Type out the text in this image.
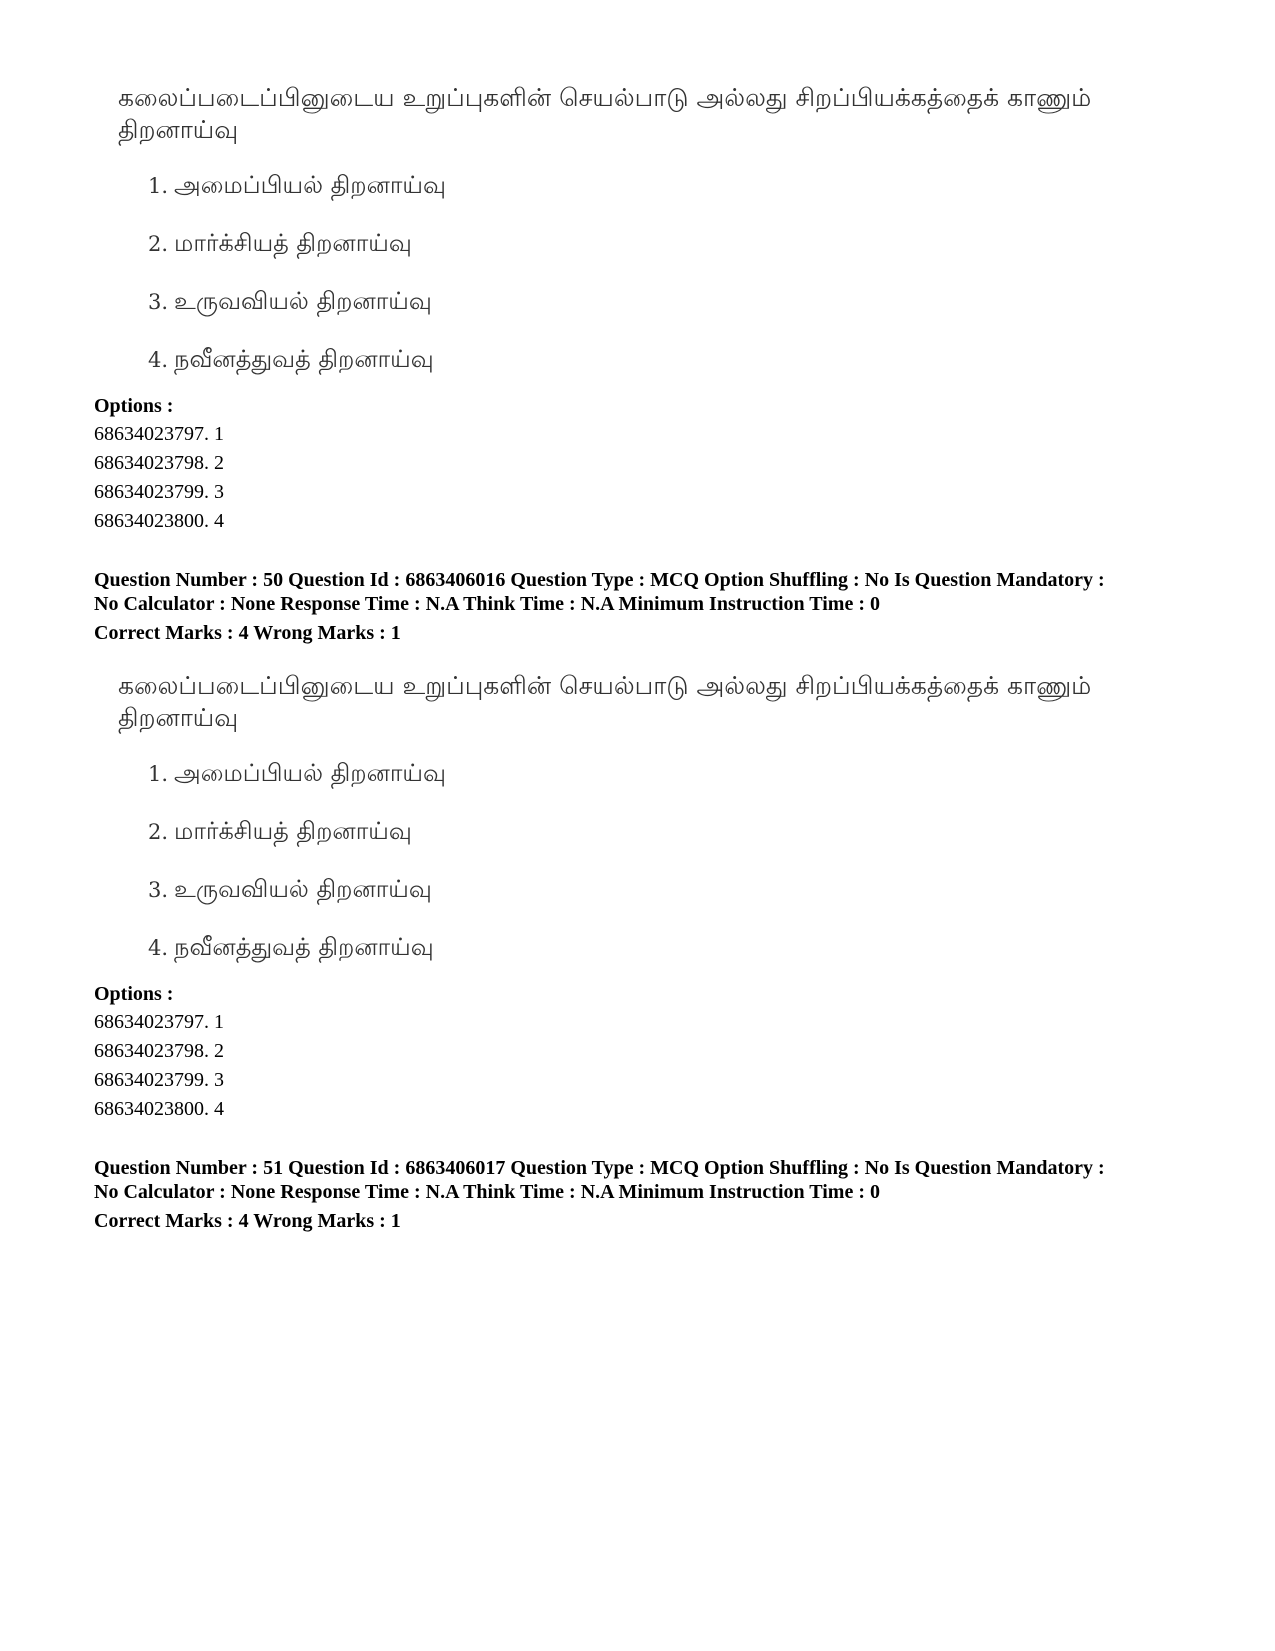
கலைப்படைப்பினுடைய உறுப்புகளின் செயல்பாடு அல்லது சிறப்பியக்கத்தைக் காணும் திறனாய்வு

1. அமைப்பியல் திறனாய்வு
2. மார்க்சியத் திறனாய்வு
3. உருவவியல் திறனாய்வு
4. நவீனத்துவத் திறனாய்வு

Options :

68634023797. 1

68634023798. 2

68634023799. 3

68634023800. 4

Question Number : 50 Question Id : 6863406016 Question Type : MCQ Option Shuffling : No Is Question Mandatory :

No Calculator : None Response Time : N.A Think Time : N.A Minimum Instruction Time : 0

Correct Marks : 4 Wrong Marks : 1

கலைப்படைப்பினுடைய உறுப்புகளின் செயல்பாடு அல்லது சிறப்பியக்கத்தைக் காணும் திறனாய்வு

1. அமைப்பியல் திறனாய்வு
2. மார்க்சியத் திறனாய்வு
3. உருவவியல் திறனாய்வு
4. நவீனத்துவத் திறனாய்வு

Options :

68634023797. 1

68634023798. 2

68634023799. 3

68634023800. 4

Question Number : 51 Question Id : 6863406017 Question Type : MCQ Option Shuffling : No Is Question Mandatory :

No Calculator : None Response Time : N.A Think Time : N.A Minimum Instruction Time : 0

Correct Marks : 4 Wrong Marks : 1
